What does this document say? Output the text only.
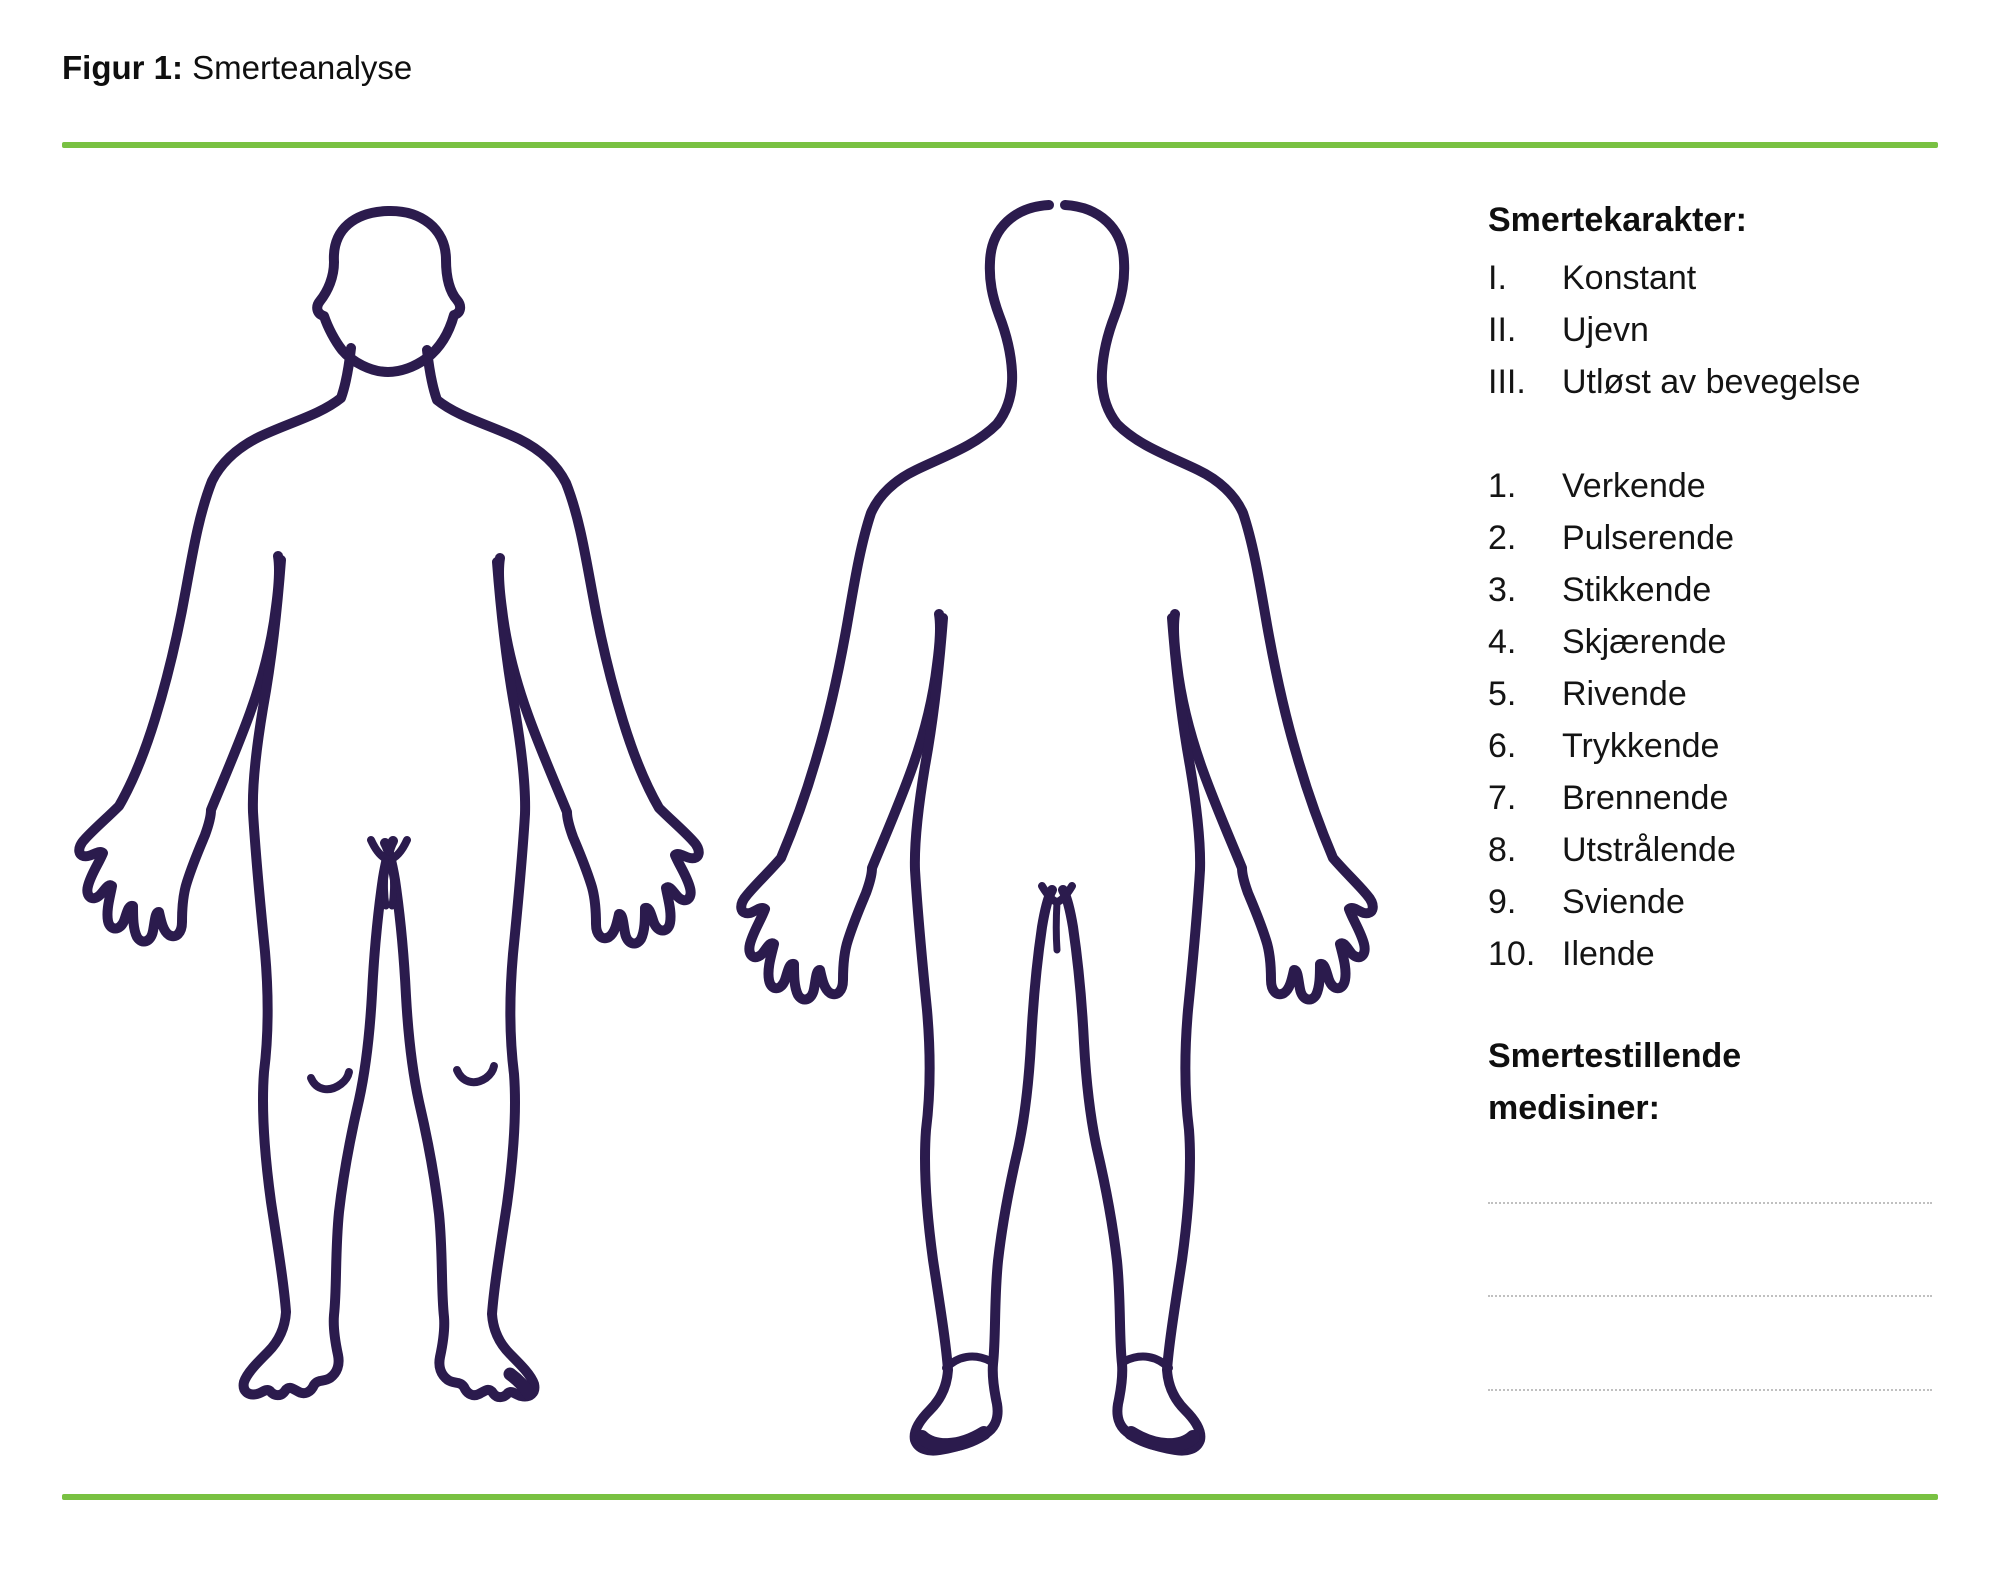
Figur 1: Smerteanalyse
Smertekarakter:
I. Konstant
II. Ujevn
III. Utløst av bevegelse
1. Verkende
2. Pulserende
3. Stikkende
4. Skjærende
5. Rivende
6. Trykkende
7. Brennende
8. Utstrålende
9. Sviende
10. Ilende
Smertestillende
medisiner:
